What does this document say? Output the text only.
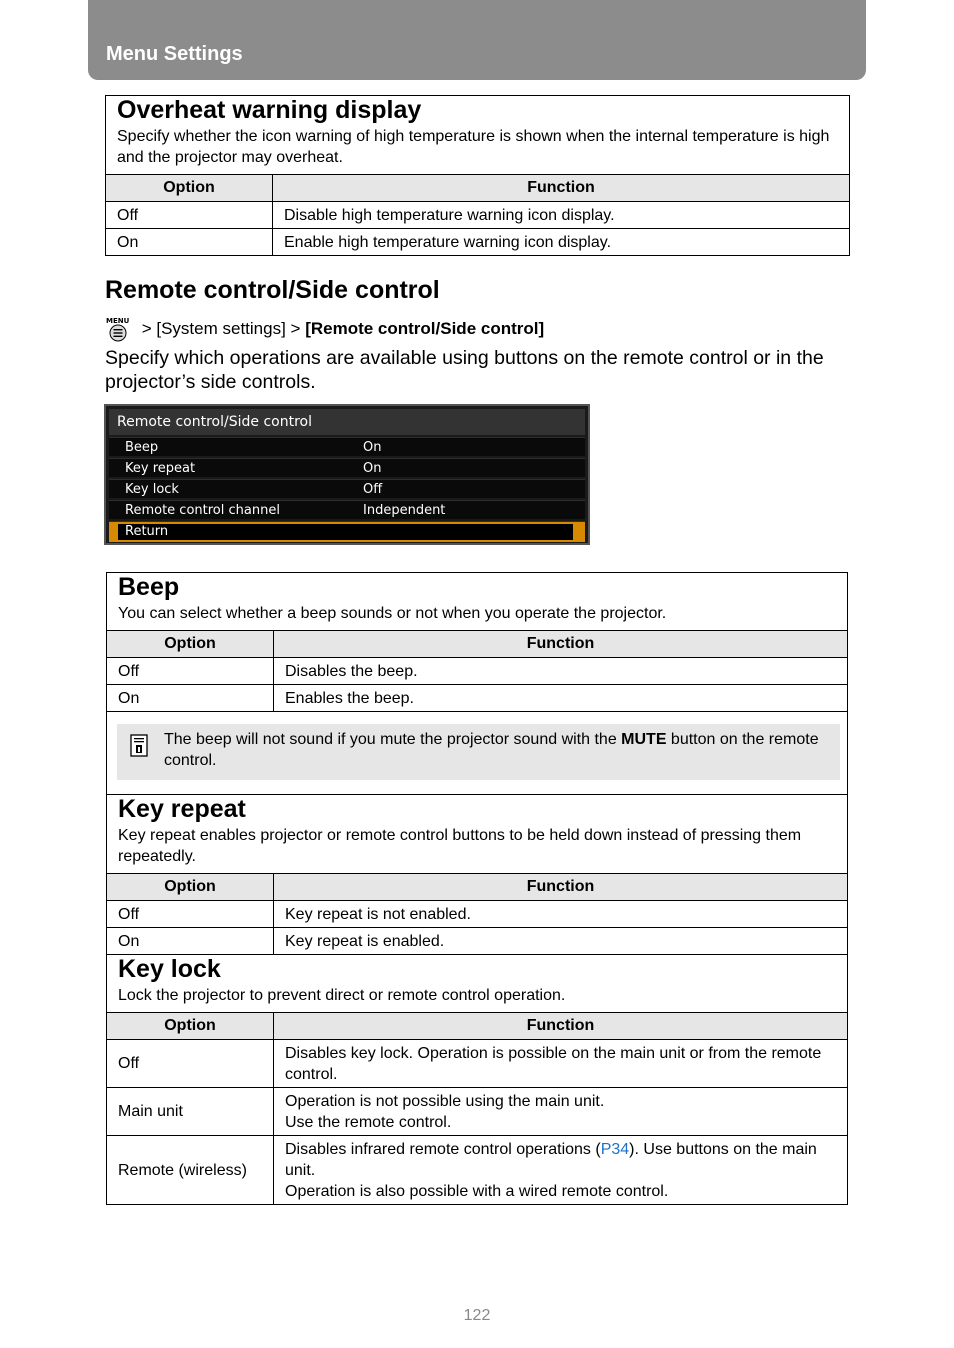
Menu Settings
Overheat warning display

Specify whether the icon warning of high temperature is shown when the internal temperature is high and the projector may overheat.

Option	Function
Off	Disable high temperature warning icon display.
On	Enable high temperature warning icon display.
Remote control/Side control
MENU > [System settings] > [Remote control/Side control]

Specify which operations are available using buttons on the remote control or in the projector’s side controls.

Remote control/Side control
Beep	On
Key repeat	On
Key lock	Off
Remote control channel	Independent
Return
Beep

You can select whether a beep sounds or not when you operate the projector.

Option	Function
Off	Disables the beep.
On	Enables the beep.
The beep will not sound if you mute the projector sound with the MUTE button on the remote control.
Key repeat

Key repeat enables projector or remote control buttons to be held down instead of pressing them repeatedly.

Option	Function
Off	Key repeat is not enabled.
On	Key repeat is enabled.
Key lock

Lock the projector to prevent direct or remote control operation.

Option	Function
Off	Disables key lock. Operation is possible on the main unit or from the remote control.
Main unit	Operation is not possible using the main unit.
Use the remote control.

Remote (wireless)	Disables infrared remote control operations (P34). Use buttons on the main unit.
Operation is also possible with a wired remote control.
122
